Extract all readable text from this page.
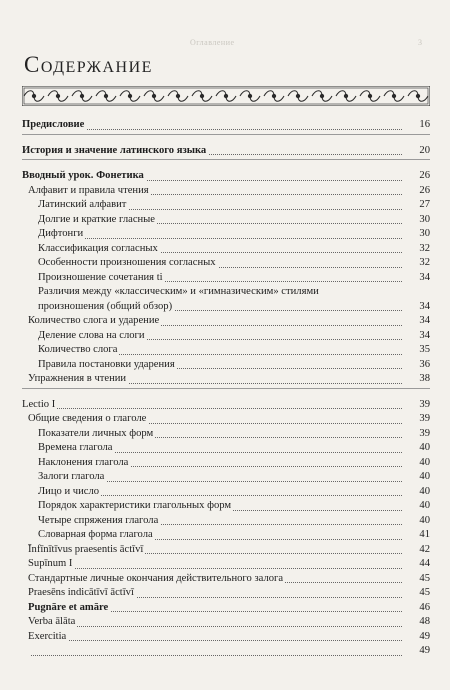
Оглавление	3
Содержание
Предисловие	16
История и значение латинского языка	20
Вводный урок. Фонетика	26
Алфавит и правила чтения	26
Латинский алфавит	27
Долгие и краткие гласные	30
Дифтонги	30
Классификация согласных	32
Особенности произношения согласных	32
Произношение сочетания ti	34
Различия между «классическим» и «гимназическим» стилями
произношения (общий обзор)	34
Количество слога и ударение	34
Деление слова на слоги	34
Количество слога	35
Правила постановки ударения	36
Упражнения в чтении	38
Lectio I	39
Общие сведения о глаголе	39
Показатели личных форм	39
Времена глагола	40
Наклонения глагола	40
Залоги глагола	40
Лицо и число	40
Порядок характеристики глагольных форм	40
Четыре спряжения глагола	40
Словарная форма глагола	41
Īnfīnītīvus praesentis āctīvī	42
Supīnum I	44
Стандартные личные окончания действительного залога	45
Praesēns indicātīvī āctīvī	45
Pugnāre et amāre	46
Verba ālāta	48
Exercitia	49
49
